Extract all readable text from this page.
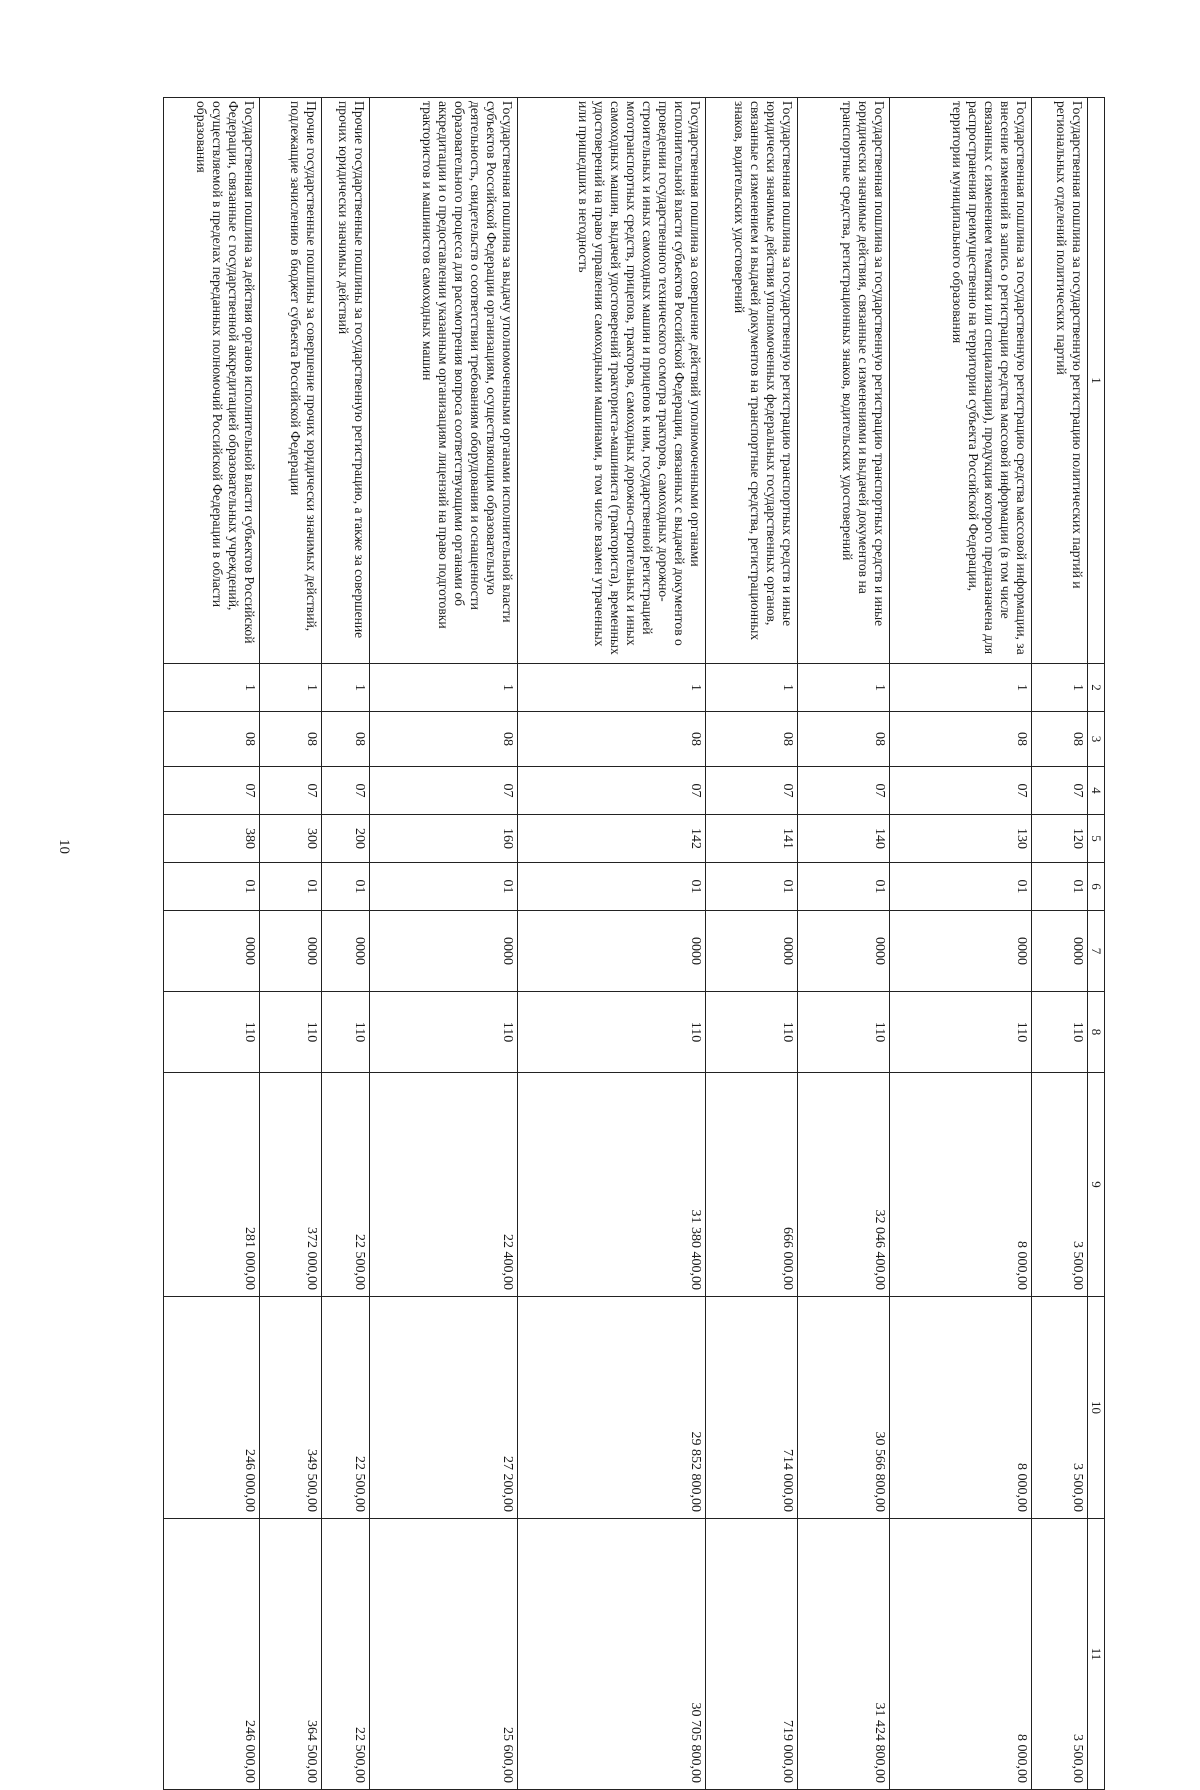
10
1	2	3	4	5	6	7	8	9	10	11
Государственная пошлина за государственную регистрацию политических партий и региональных отделений политических партий	1	08	07	120	01	0000	110	3 500,00	3 500,00	3 500,00
Государственная пошлина за государственную регистрацию средства массовой информации, за внесение изменений в запись о регистрации средства массовой информации (в том числе связанных с изменением тематики или специализации), продукция которого предназначена для распространения преимущественно на территории субъекта Российской Федерации, территории муниципального образования	1	08	07	130	01	0000	110	8 000,00	8 000,00	8 000,00
Государственная пошлина за государственную регистрацию транспортных средств и иные юридически значимые действия, связанные с изменениями и выдачей документов на транспортные средства, регистрационных знаков, водительских удостоверений	1	08	07	140	01	0000	110	32 046 400,00	30 566 800,00	31 424 800,00
Государственная пошлина за государственную регистрацию транспортных средств и иные юридически значимые действия уполномоченных федеральных государственных органов, связанные с изменением и выдачей документов на транспортные средства, регистрационных знаков, водительских удостоверений	1	08	07	141	01	0000	110	666 000,00	714 000,00	719 000,00
Государственная пошлина за совершение действий уполномоченными органами исполнительной власти субъектов Российской Федерации, связанных с выдачей документов о проведении государственного технического осмотра тракторов, самоходных дорожно-строительных и иных самоходных машин и прицепов к ним, государственной регистрацией мототранспортных средств, прицепов, тракторов, самоходных дорожно-строительных и иных самоходных машин, выдачей удостоверений тракториста-машиниста (тракториста), временных удостоверений на право управления самоходными машинами, в том числе взамен утраченных или пришедших в негодность	1	08	07	142	01	0000	110	31 380 400,00	29 852 800,00	30 705 800,00
Государственная пошлина за выдачу уполномоченными органами исполнительной власти субъектов Российской Федерации организациям, осуществляющим образовательную деятельность, свидетельств о соответствии требованиям оборудования и оснащенности образовательного процесса для рассмотрения вопроса соответствующими органами об аккредитации и о предоставлении указанным организациям лицензий на право подготовки трактористов и машинистов самоходных машин	1	08	07	160	01	0000	110	22 400,00	27 200,00	25 600,00
Прочие государственные пошлины за государственную регистрацию, а также за совершение прочих юридически значимых действий	1	08	07	200	01	0000	110	22 500,00	22 500,00	22 500,00
Прочие государственные пошлины за совершение прочих юридически значимых действий, подлежащие зачислению в бюджет субъекта Российской Федерации	1	08	07	300	01	0000	110	372 000,00	349 500,00	364 500,00
Государственная пошлина за действия органов исполнительной власти субъектов Российской Федерации, связанные с государственной аккредитацией образовательных учреждений, осуществляемой в пределах переданных полномочий Российской Федерации в области образования	1	08	07	380	01	0000	110	281 000,00	246 000,00	246 000,00
